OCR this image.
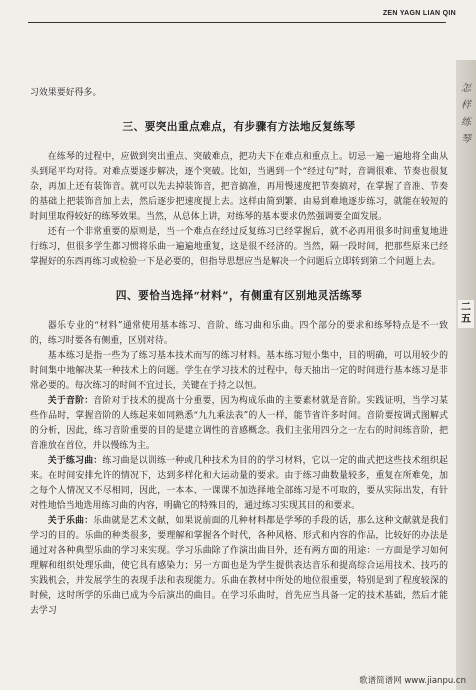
ZEN YAGN LIAN QIN
怎样练琴
二五

习效果要好得多。

三、要突出重点难点，有步骤有方法地反复练琴

在练琴的过程中，应做到突出重点、突破难点，把功夫下在难点和重点上。切忌一遍一遍地将全曲从头到尾平均对待。对难点要逐步解决，逐个突破。比如，当遇到一个“经过句”时，音调很难、节奏也很复杂，再加上还有装饰音。就可以先去掉装饰音，把音搞准，再用慢速度把节奏搞对，在掌握了音准、节奏的基础上把装饰音加上去，然后逐步把速度提上去。这样由简到繁、由易到难地逐步练习，就能在较短的时间里取得较好的练琴效果。当然，从总体上讲，对练琴的基本要求仍然强调要全面发展。

还有一个非常重要的原则是，当一个难点在经过反复练习已经掌握后，就不必再用很多时间重复地进行练习，但很多学生都习惯将乐曲一遍遍地重复，这是很不经济的。当然，隔一段时间，把那些原来已经掌握好的东西再练习或检验一下是必要的，但指导思想应当是解决一个问题后立即转到第二个问题上去。

四、要恰当选择“材料”，有侧重有区别地灵活练琴

器乐专业的“材料”通常使用基本练习、音阶、练习曲和乐曲。四个部分的要求和练琴特点是不一致的，练习时要各有侧重，区别对待。

基本练习是指一些为了练习基本技术而写的练习材料。基本练习短小集中，目的明确，可以用较少的时间集中地解决某一种技术上的问题。学生在学习技术的过程中，每天抽出一定的时间进行基本练习是非常必要的。每次练习的时间不宜过长，关键在于持之以恒。

关于音阶：音阶对于技术的提高十分重要，因为构成乐曲的主要素材就是音阶。实践证明，当学习某些作品时，掌握音阶的人练起来如同熟悉“九九乘法表”的人一样，能节省许多时间。音阶要按调式图解式的分析，因此，练习音阶重要的目的是建立调性的音感概念。我们主张用四分之一左右的时间练音阶，把音准放在首位，并以慢练为主。

关于练习曲：练习曲是以训练一种或几种技术为目的的学习材料，它以一定的曲式把这些技术组织起来。在时间安排允许的情况下，达到多样化和大运动量的要求。由于练习曲数量较多，重复在所难免，加之每个人情况又不尽相同，因此，一本本、一课课不加选择地全部练习是不可取的，要从实际出发，有针对性地恰当地选用练习曲的内容，明确它的特殊目的，通过练习实现其目的和要求。

关于乐曲：乐曲就是艺术文献，如果说前面的几种材料都是学琴的手段的话，那么这种文献就是我们学习的目的。乐曲的种类很多，要理解和掌握各个时代，各种风格、形式和内容的作品，比较好的办法是通过对各种典型乐曲的学习来实现。学习乐曲除了作演出曲目外，还有两方面的用途：一方面是学习如何理解和组织处理乐曲，使它具有感染力；另一方面也是为学生提供表达音乐和提高综合运用技术、技巧的实践机会，并发展学生的表现手法和表现能力。乐曲在教材中所处的地位很重要，特别是到了程度较深的时候，这时所学的乐曲已成为今后演出的曲目。在学习乐曲时，首先应当具备一定的技术基础，然后才能去学习

歌谱简谱网 www.jianpu.cn
